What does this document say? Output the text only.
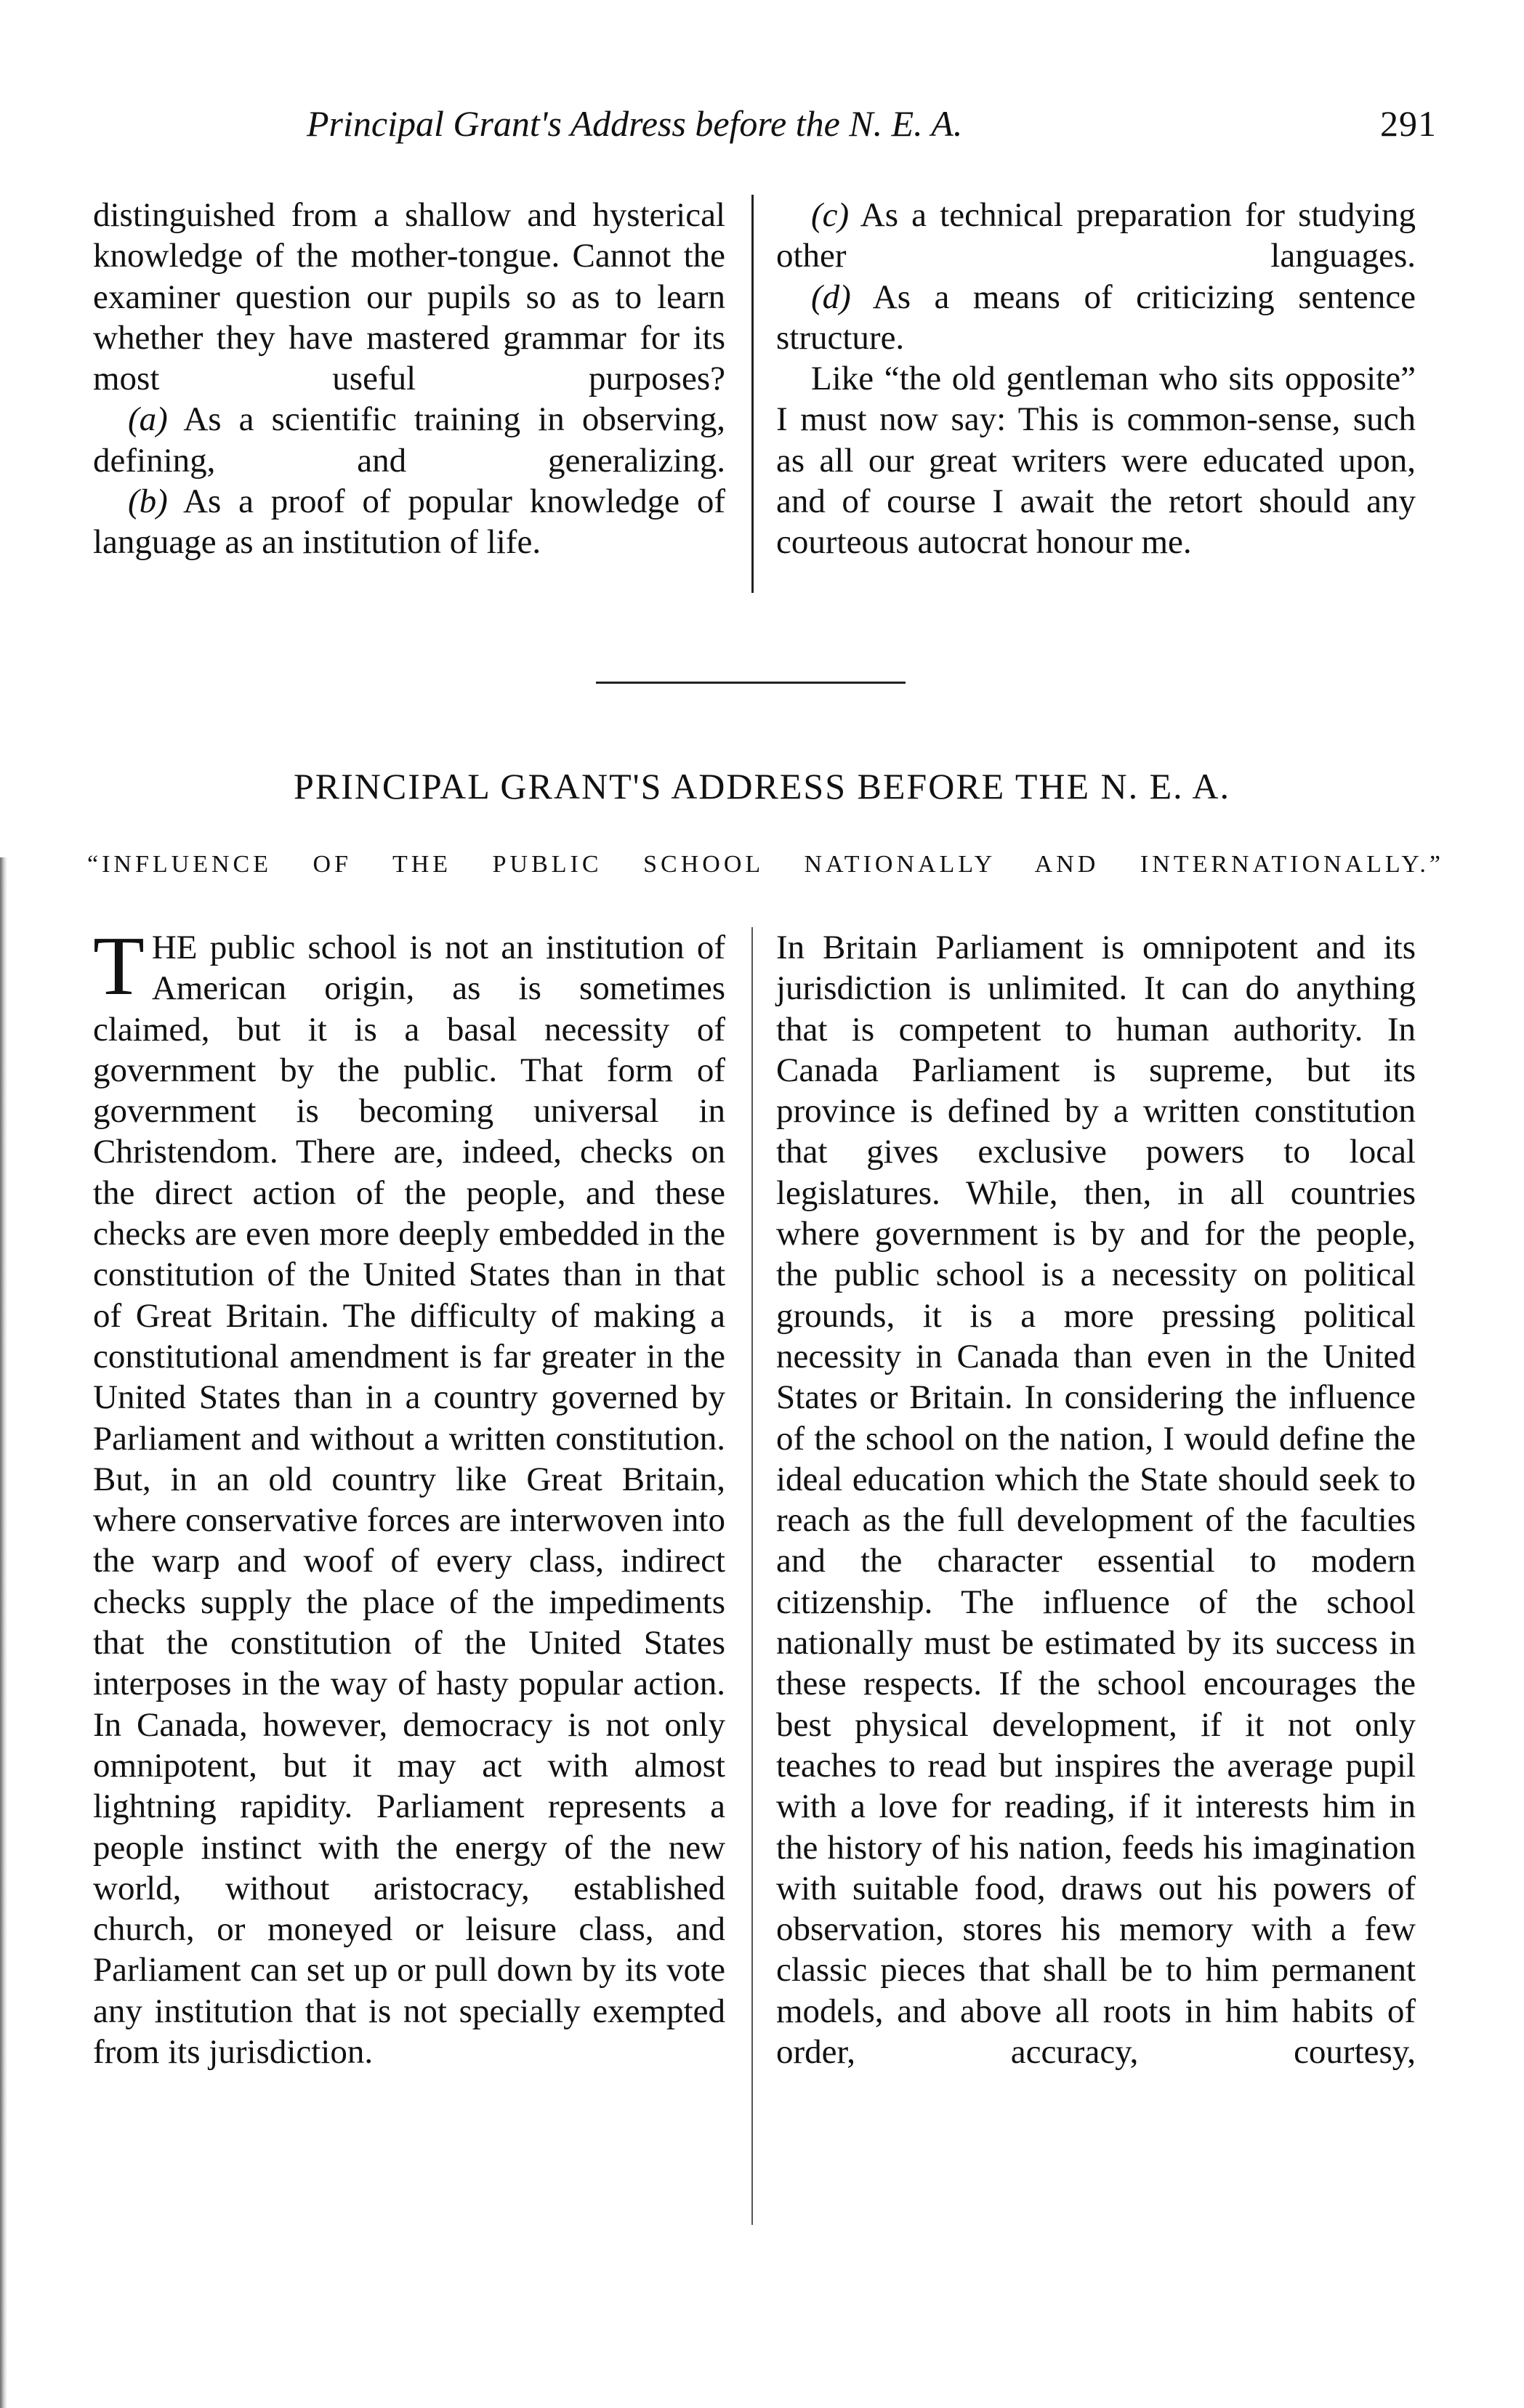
Principal Grant's Address before the N. E. A.	291

distinguished from a shallow and hysterical knowledge of the mother-tongue. Cannot the examiner question our pupils so as to learn whether they have mastered grammar for its most useful purposes?

(a) As a scientific training in observing, defining, and generalizing.

(b) As a proof of popular knowledge of language as an institution of life.

(c) As a technical preparation for studying other languages.

(d) As a means of criticizing sentence structure.

Like “the old gentleman who sits opposite” I must now say: This is common-sense, such as all our great writers were educated upon, and of course I await the retort should any courteous autocrat honour me.

PRINCIPAL GRANT'S ADDRESS BEFORE THE N. E. A.
“INFLUENCE OF THE PUBLIC SCHOOL NATIONALLY AND INTERNATIONALLY.”

THE public school is not an institution of American origin, as is sometimes claimed, but it is a basal necessity of government by the public. That form of government is becoming universal in Christendom. There are, indeed, checks on the direct action of the people, and these checks are even more deeply embedded in the constitution of the United States than in that of Great Britain. The difficulty of making a constitutional amendment is far greater in the United States than in a country governed by Parliament and without a written constitution. But, in an old country like Great Britain, where conservative forces are interwoven into the warp and woof of every class, indirect checks supply the place of the impediments that the constitution of the United States interposes in the way of hasty popular action. In Canada, however, democracy is not only omnipotent, but it may act with almost lightning rapidity. Parliament represents a people instinct with the energy of the new world, without aristocracy, established church, or moneyed or leisure class, and Parliament can set up or pull down by its vote any institution that is not specially exempted from its jurisdiction.

In Britain Parliament is omnipotent and its jurisdiction is unlimited. It can do anything that is competent to human authority. In Canada Parliament is supreme, but its province is defined by a written constitution that gives exclusive powers to local legislatures. While, then, in all countries where government is by and for the people, the public school is a necessity on political grounds, it is a more pressing political necessity in Canada than even in the United States or Britain. In considering the influence of the school on the nation, I would define the ideal education which the State should seek to reach as the full development of the faculties and the character essential to modern citizenship. The influence of the school nationally must be estimated by its success in these respects. If the school encourages the best physical development, if it not only teaches to read but inspires the average pupil with a love for reading, if it interests him in the history of his nation, feeds his imagination with suitable food, draws out his powers of observation, stores his memory with a few classic pieces that shall be to him permanent models, and above all roots in him habits of order, accuracy, courtesy,
